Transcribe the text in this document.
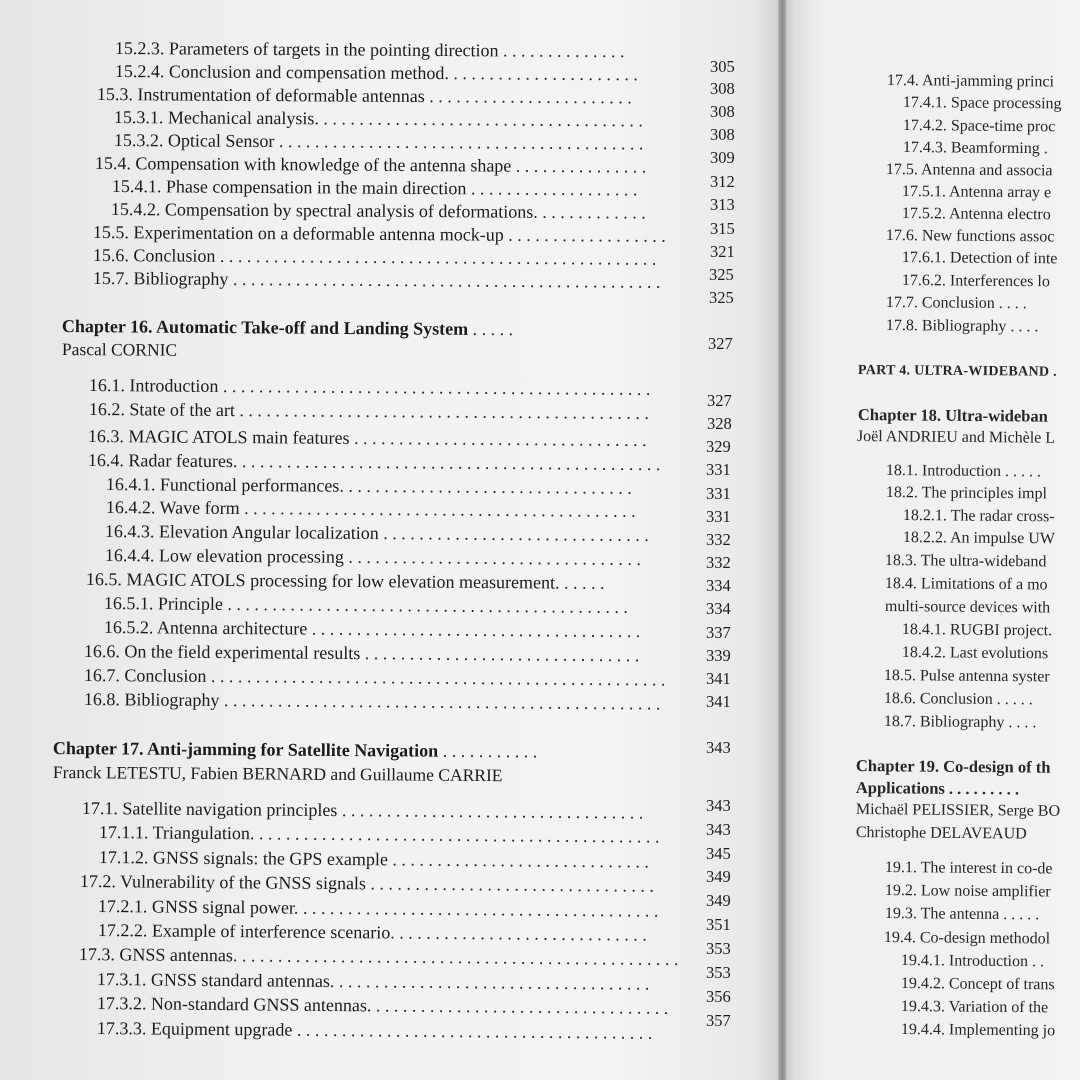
15.2.3. Parameters of targets in the pointing direction . . . . . . . . . . . . . .
15.2.4. Conclusion and compensation method. . . . . . . . . . . . . . . . . . . . . .
15.3. Instrumentation of deformable antennas . . . . . . . . . . . . . . . . . . . . . . .
15.3.1. Mechanical analysis. . . . . . . . . . . . . . . . . . . . . . . . . . . . . . . . . . . . .
15.3.2. Optical Sensor . . . . . . . . . . . . . . . . . . . . . . . . . . . . . . . . . . . . . . . . .
15.4. Compensation with knowledge of the antenna shape . . . . . . . . . . . . . . .
15.4.1. Phase compensation in the main direction . . . . . . . . . . . . . . . . . . .
15.4.2. Compensation by spectral analysis of deformations. . . . . . . . . . . . .
15.5. Experimentation on a deformable antenna mock-up . . . . . . . . . . . . . . . . . .
15.6. Conclusion . . . . . . . . . . . . . . . . . . . . . . . . . . . . . . . . . . . . . . . . . . . . . . . . .
15.7. Bibliography . . . . . . . . . . . . . . . . . . . . . . . . . . . . . . . . . . . . . . . . . . . . . . . .
16.1. Introduction . . . . . . . . . . . . . . . . . . . . . . . . . . . . . . . . . . . . . . . . . . . . . . . .
16.2. State of the art . . . . . . . . . . . . . . . . . . . . . . . . . . . . . . . . . . . . . . . . . . . . . .
16.3. MAGIC ATOLS main features . . . . . . . . . . . . . . . . . . . . . . . . . . . . . . . . .
16.4. Radar features. . . . . . . . . . . . . . . . . . . . . . . . . . . . . . . . . . . . . . . . . . . . . . . .
16.4.1. Functional performances. . . . . . . . . . . . . . . . . . . . . . . . . . . . . . . . .
16.4.2. Wave form . . . . . . . . . . . . . . . . . . . . . . . . . . . . . . . . . . . . . . . . . . . .
16.4.3. Elevation Angular localization . . . . . . . . . . . . . . . . . . . . . . . . . . . . . .
16.4.4. Low elevation processing . . . . . . . . . . . . . . . . . . . . . . . . . . . . . . . . .
16.5. MAGIC ATOLS processing for low elevation measurement. . . . . .
16.5.1. Principle . . . . . . . . . . . . . . . . . . . . . . . . . . . . . . . . . . . . . . . . . . . . .
16.5.2. Antenna architecture . . . . . . . . . . . . . . . . . . . . . . . . . . . . . . . . . . . . .
16.6. On the field experimental results . . . . . . . . . . . . . . . . . . . . . . . . . . . . . . .
16.7. Conclusion . . . . . . . . . . . . . . . . . . . . . . . . . . . . . . . . . . . . . . . . . . . . . . . . . . .
16.8. Bibliography . . . . . . . . . . . . . . . . . . . . . . . . . . . . . . . . . . . . . . . . . . . . . . . . .
17.1. Satellite navigation principles . . . . . . . . . . . . . . . . . . . . . . . . . . . . . . . . . .
17.1.1. Triangulation. . . . . . . . . . . . . . . . . . . . . . . . . . . . . . . . . . . . . . . . . . . . . .
17.1.2. GNSS signals: the GPS example . . . . . . . . . . . . . . . . . . . . . . . . . . . . .
17.2. Vulnerability of the GNSS signals . . . . . . . . . . . . . . . . . . . . . . . . . . . . . . . .
17.2.1. GNSS signal power. . . . . . . . . . . . . . . . . . . . . . . . . . . . . . . . . . . . . . . . .
17.2.2. Example of interference scenario. . . . . . . . . . . . . . . . . . . . . . . . . . . . .
17.3. GNSS antennas. . . . . . . . . . . . . . . . . . . . . . . . . . . . . . . . . . . . . . . . . . . . . . . . . .
17.3.1. GNSS standard antennas. . . . . . . . . . . . . . . . . . . . . . . . . . . . . . . . . . . .
17.3.2. Non-standard GNSS antennas. . . . . . . . . . . . . . . . . . . . . . . . . . . . . . . . . .
17.3.3. Equipment upgrade . . . . . . . . . . . . . . . . . . . . . . . . . . . . . . . . . . . . . . . .
Chapter 16. Automatic Take-off and Landing System . . . . .
Pascal CORNIC
Chapter 17. Anti-jamming for Satellite Navigation . . . . . . . . . . .
Franck LETESTU, Fabien BERNARD and Guillaume CARRIE
305
308
308
308
309
312
313
315
321
325
325
327
327
328
329
331
331
331
332
332
334
334
337
339
341
341
343
343
343
345
349
349
351
353
353
356
357
17.4. Anti-jamming princi
17.4.1. Space processing
17.4.2. Space-time proc
17.4.3. Beamforming .
17.5. Antenna and associa
17.5.1. Antenna array e
17.5.2. Antenna electro
17.6. New functions assoc
17.6.1. Detection of inte
17.6.2. Interferences lo
17.7. Conclusion . . . .
17.8. Bibliography . . . .
PART 4. ULTRA-WIDEBAND .
Chapter 18. Ultra-wideban
Joël ANDRIEU and Michèle L
18.1. Introduction . . . . .
18.2. The principles impl
18.2.1. The radar cross-
18.2.2. An impulse UW
18.3. The ultra-wideband
18.4. Limitations of a mo
multi-source devices with
18.4.1. RUGBI project.
18.4.2. Last evolutions
18.5. Pulse antenna syster
18.6. Conclusion . . . . .
18.7. Bibliography . . . .
Chapter 19. Co-design of th
Applications . . . . . . . . .
Michaël PELISSIER, Serge BO
Christophe DELAVEAUD
19.1. The interest in co-de
19.2. Low noise amplifier
19.3. The antenna . . . . .
19.4. Co-design methodol
19.4.1. Introduction . .
19.4.2. Concept of trans
19.4.3. Variation of the
19.4.4. Implementing jo
